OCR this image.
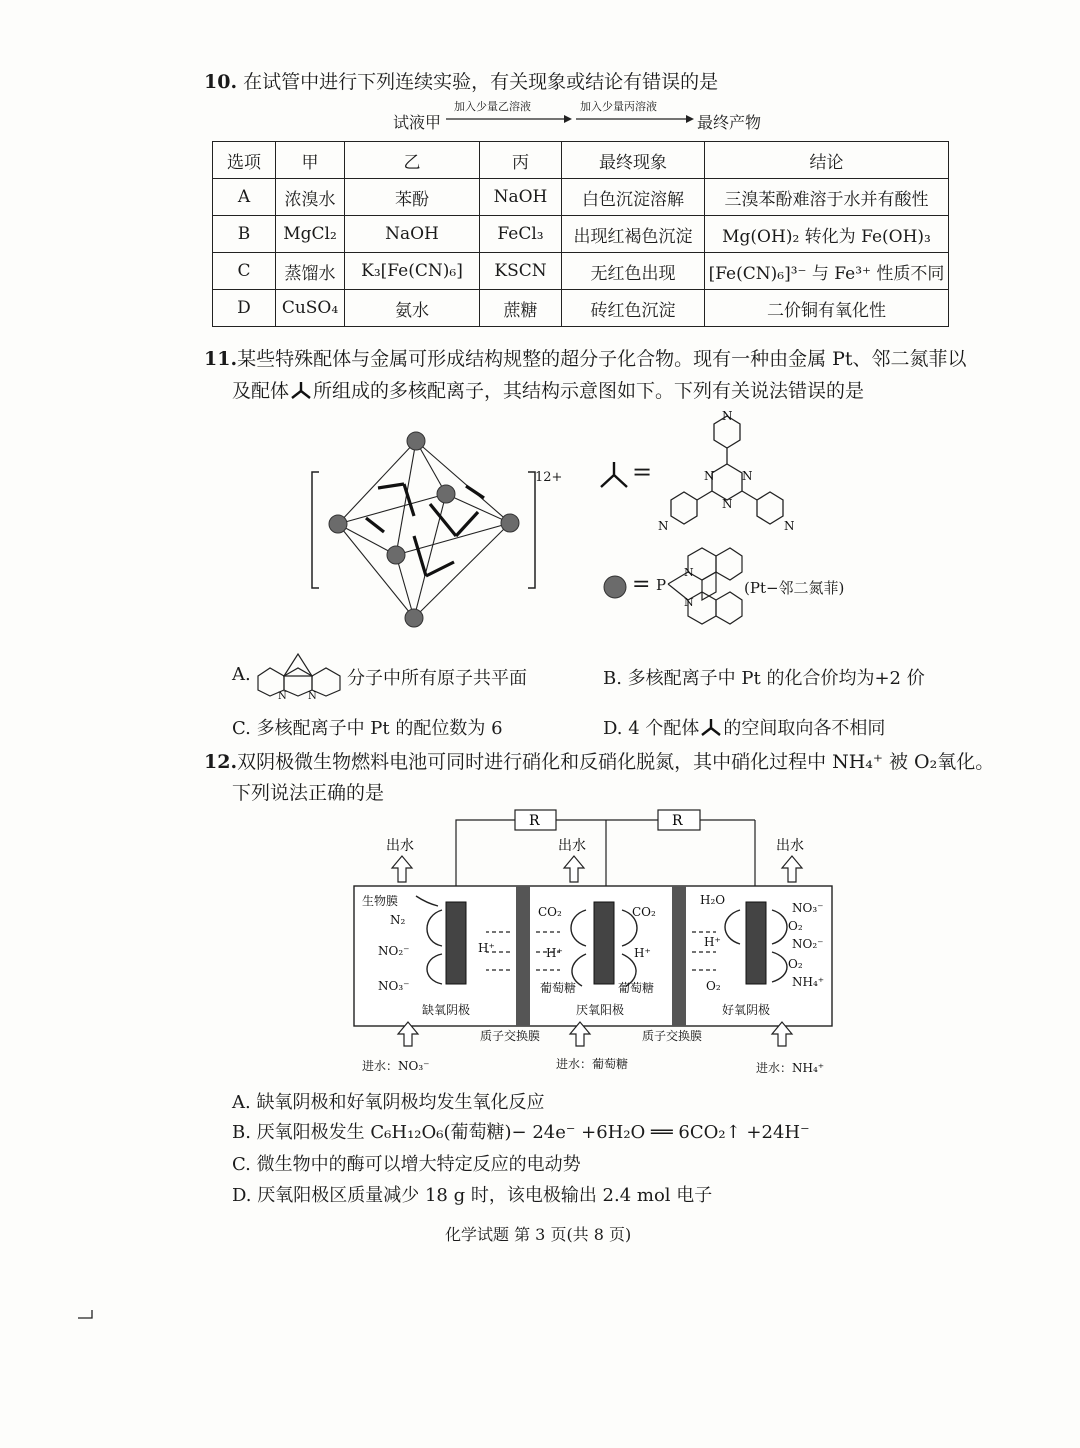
10. 在试管中进行下列连续实验，有关现象或结论有错误的是
试液甲
加入少量乙溶液	加入少量丙溶液
最终产物
选项	甲	乙	丙	最终现象	结论
A	浓溴水	苯酚	NaOH	白色沉淀溶解	三溴苯酚难溶于水并有酸性
B	MgCl₂	NaOH	FeCl₃	出现红褐色沉淀	Mg(OH)₂ 转化为 Fe(OH)₃
C	蒸馏水	K₃[Fe(CN)₆]	KSCN	无红色出现	[Fe(CN)₆]³⁻ 与 Fe³⁺ 性质不同
D	CuSO₄	氨水	蔗糖	砖红色沉淀	二价铜有氧化性
11.某些特殊配体与金属可形成结构规整的超分子化合物。现有一种由金属 Pt、邻二氮菲以
及配体 所组成的多核配离子，其结构示意图如下。下列有关说法错误的是
12+	=
N
N N
N
N	N
= P
N
N
(Pt−邻二氮菲)
A.
N N
分子中所有原子共平面	B. 多核配离子中 Pt 的化合价均为+2 价
C. 多核配离子中 Pt 的配位数为 6	D. 4 个配体 的空间取向各不相同
12.双阴极微生物燃料电池可同时进行硝化和反硝化脱氮，其中硝化过程中 NH₄⁺ 被 O₂氧化。
下列说法正确的是
R	R
出水	出水	出水
生物膜
N₂
NO₂⁻
NO₃⁻
H⁺
CO₂	CO₂
H⁺	H⁺
葡萄糖	葡萄糖
H₂O
H⁺
O₂
NO₃⁻
O₂
NO₂⁻
O₂
NH₄⁺
缺氧阴极	厌氧阳极	好氧阴极
质子交换膜	质子交换膜
进水：NO₃⁻	进水：葡萄糖	进水：NH₄⁺
A. 缺氧阴极和好氧阴极均发生氧化反应
B. 厌氧阳极发生 C₆H₁₂O₆(葡萄糖)− 24e⁻ +6H₂O ══ 6CO₂↑ +24H⁻
C. 微生物中的酶可以增大特定反应的电动势
D. 厌氧阳极区质量减少 18 g 时，该电极输出 2.4 mol 电子
化学试题 第 3 页(共 8 页)
